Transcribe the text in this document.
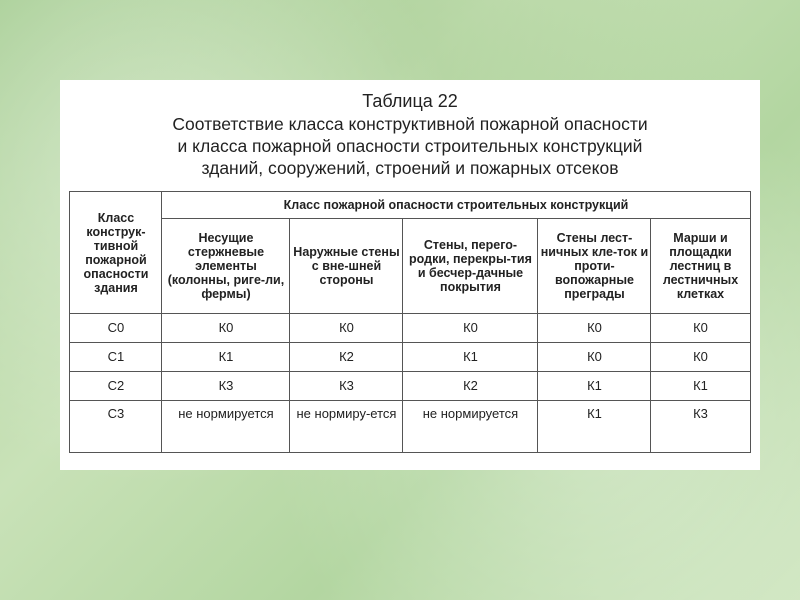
Таблица 22
Соответствие класса конструктивной пожарной опасности
и класса пожарной опасности строительных конструкций
зданий, сооружений, строений и пожарных отсеков
Класс конструк-тивной пожарной опасности здания	Класс пожарной опасности строительных конструкций				
	Несущие стержневые элементы (колонны, риге-ли, фермы)	Наружные стены с вне-шней стороны	Стены, перего-родки, перекры-тия и бесчер-дачные покрытия	Стены лест-ничных кле-ток и проти-вопожарные преграды	Марши и площадки лестниц в лестничных клетках
С0	К0	К0	К0	К0	К0
С1	К1	К2	К1	К0	К0
С2	К3	К3	К2	К1	К1
С3	не нормируется	не нормиру-ется	не нормируется	К1	К3
